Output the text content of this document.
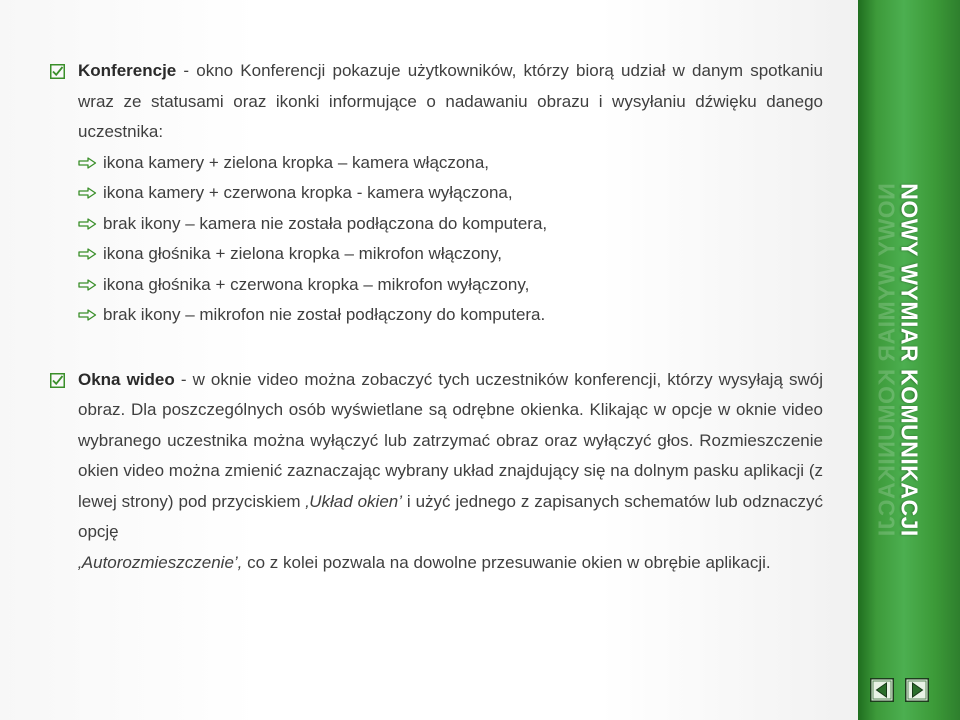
Konferencje - okno Konferencji pokazuje użytkowników, którzy biorą udział w danym spotkaniu wraz ze statusami oraz ikonki informujące o nadawaniu obrazu i wysyłaniu dźwięku danego uczestnika:

ikona kamery + zielona kropka – kamera włączona,
ikona kamery + czerwona kropka - kamera wyłączona,
brak ikony – kamera nie została podłączona do komputera,
ikona głośnika + zielona kropka – mikrofon włączony,
ikona głośnika + czerwona kropka – mikrofon wyłączony,
brak ikony – mikrofon nie został podłączony do komputera.

Okna wideo - w oknie video można zobaczyć tych uczestników konferencji, którzy wysyłają swój obraz. Dla poszczególnych osób wyświetlane są odrębne okienka. Klikając w opcje w oknie video wybranego uczestnika można wyłączyć lub zatrzymać obraz oraz wyłączyć głos. Rozmieszczenie okien video można zmienić zaznaczając wybrany układ znajdujący się na dolnym pasku aplikacji (z lewej strony) pod przyciskiem ‚Układ okien’ i użyć jednego z zapisanych schematów lub odznaczyć opcję
‚Autorozmieszczenie’, co z kolei pozwala na dowolne przesuwanie okien w obrębie aplikacji.

NOWY WYMIAR KOMUNIKACJI
NOWY WYMIAR KOMUNIKACJI
